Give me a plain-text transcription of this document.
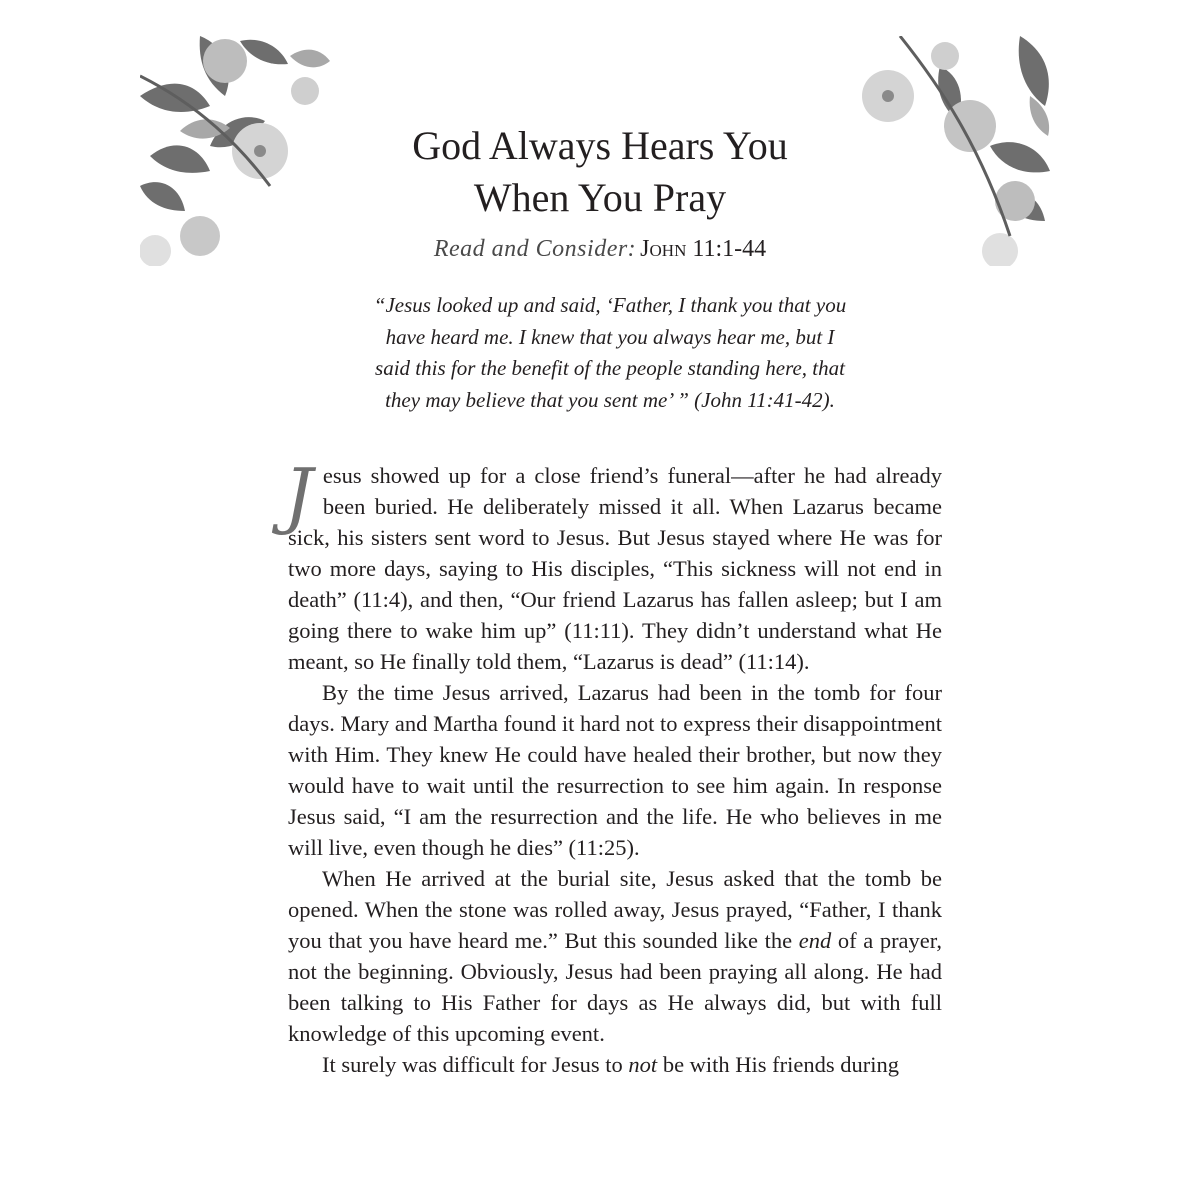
God Always Hears You
When You Pray
Read and Consider: John 11:1-44
“Jesus looked up and said, ‘Father, I thank you that you
have heard me. I knew that you always hear me, but I
said this for the benefit of the people standing here, that
they may believe that you sent me’ ” (John 11:41-42).

Jesus showed up for a close friend’s funeral—after he had already been buried. He deliberately missed it all. When Lazarus became sick, his sisters sent word to Jesus. But Jesus stayed where He was for two more days, saying to His disciples, “This sickness will not end in death” (11:4), and then, “Our friend Lazarus has fallen asleep; but I am going there to wake him up” (11:11). They didn’t understand what He meant, so He finally told them, “Lazarus is dead” (11:14).

By the time Jesus arrived, Lazarus had been in the tomb for four days. Mary and Martha found it hard not to express their disappointment with Him. They knew He could have healed their brother, but now they would have to wait until the resurrection to see him again. In response Jesus said, “I am the resurrection and the life. He who believes in me will live, even though he dies” (11:25).

When He arrived at the burial site, Jesus asked that the tomb be opened. When the stone was rolled away, Jesus prayed, “Father, I thank you that you have heard me.” But this sounded like the end of a prayer, not the beginning. Obviously, Jesus had been praying all along. He had been talking to His Father for days as He always did, but with full knowledge of this upcoming event.

It surely was difficult for Jesus to not be with His friends during
